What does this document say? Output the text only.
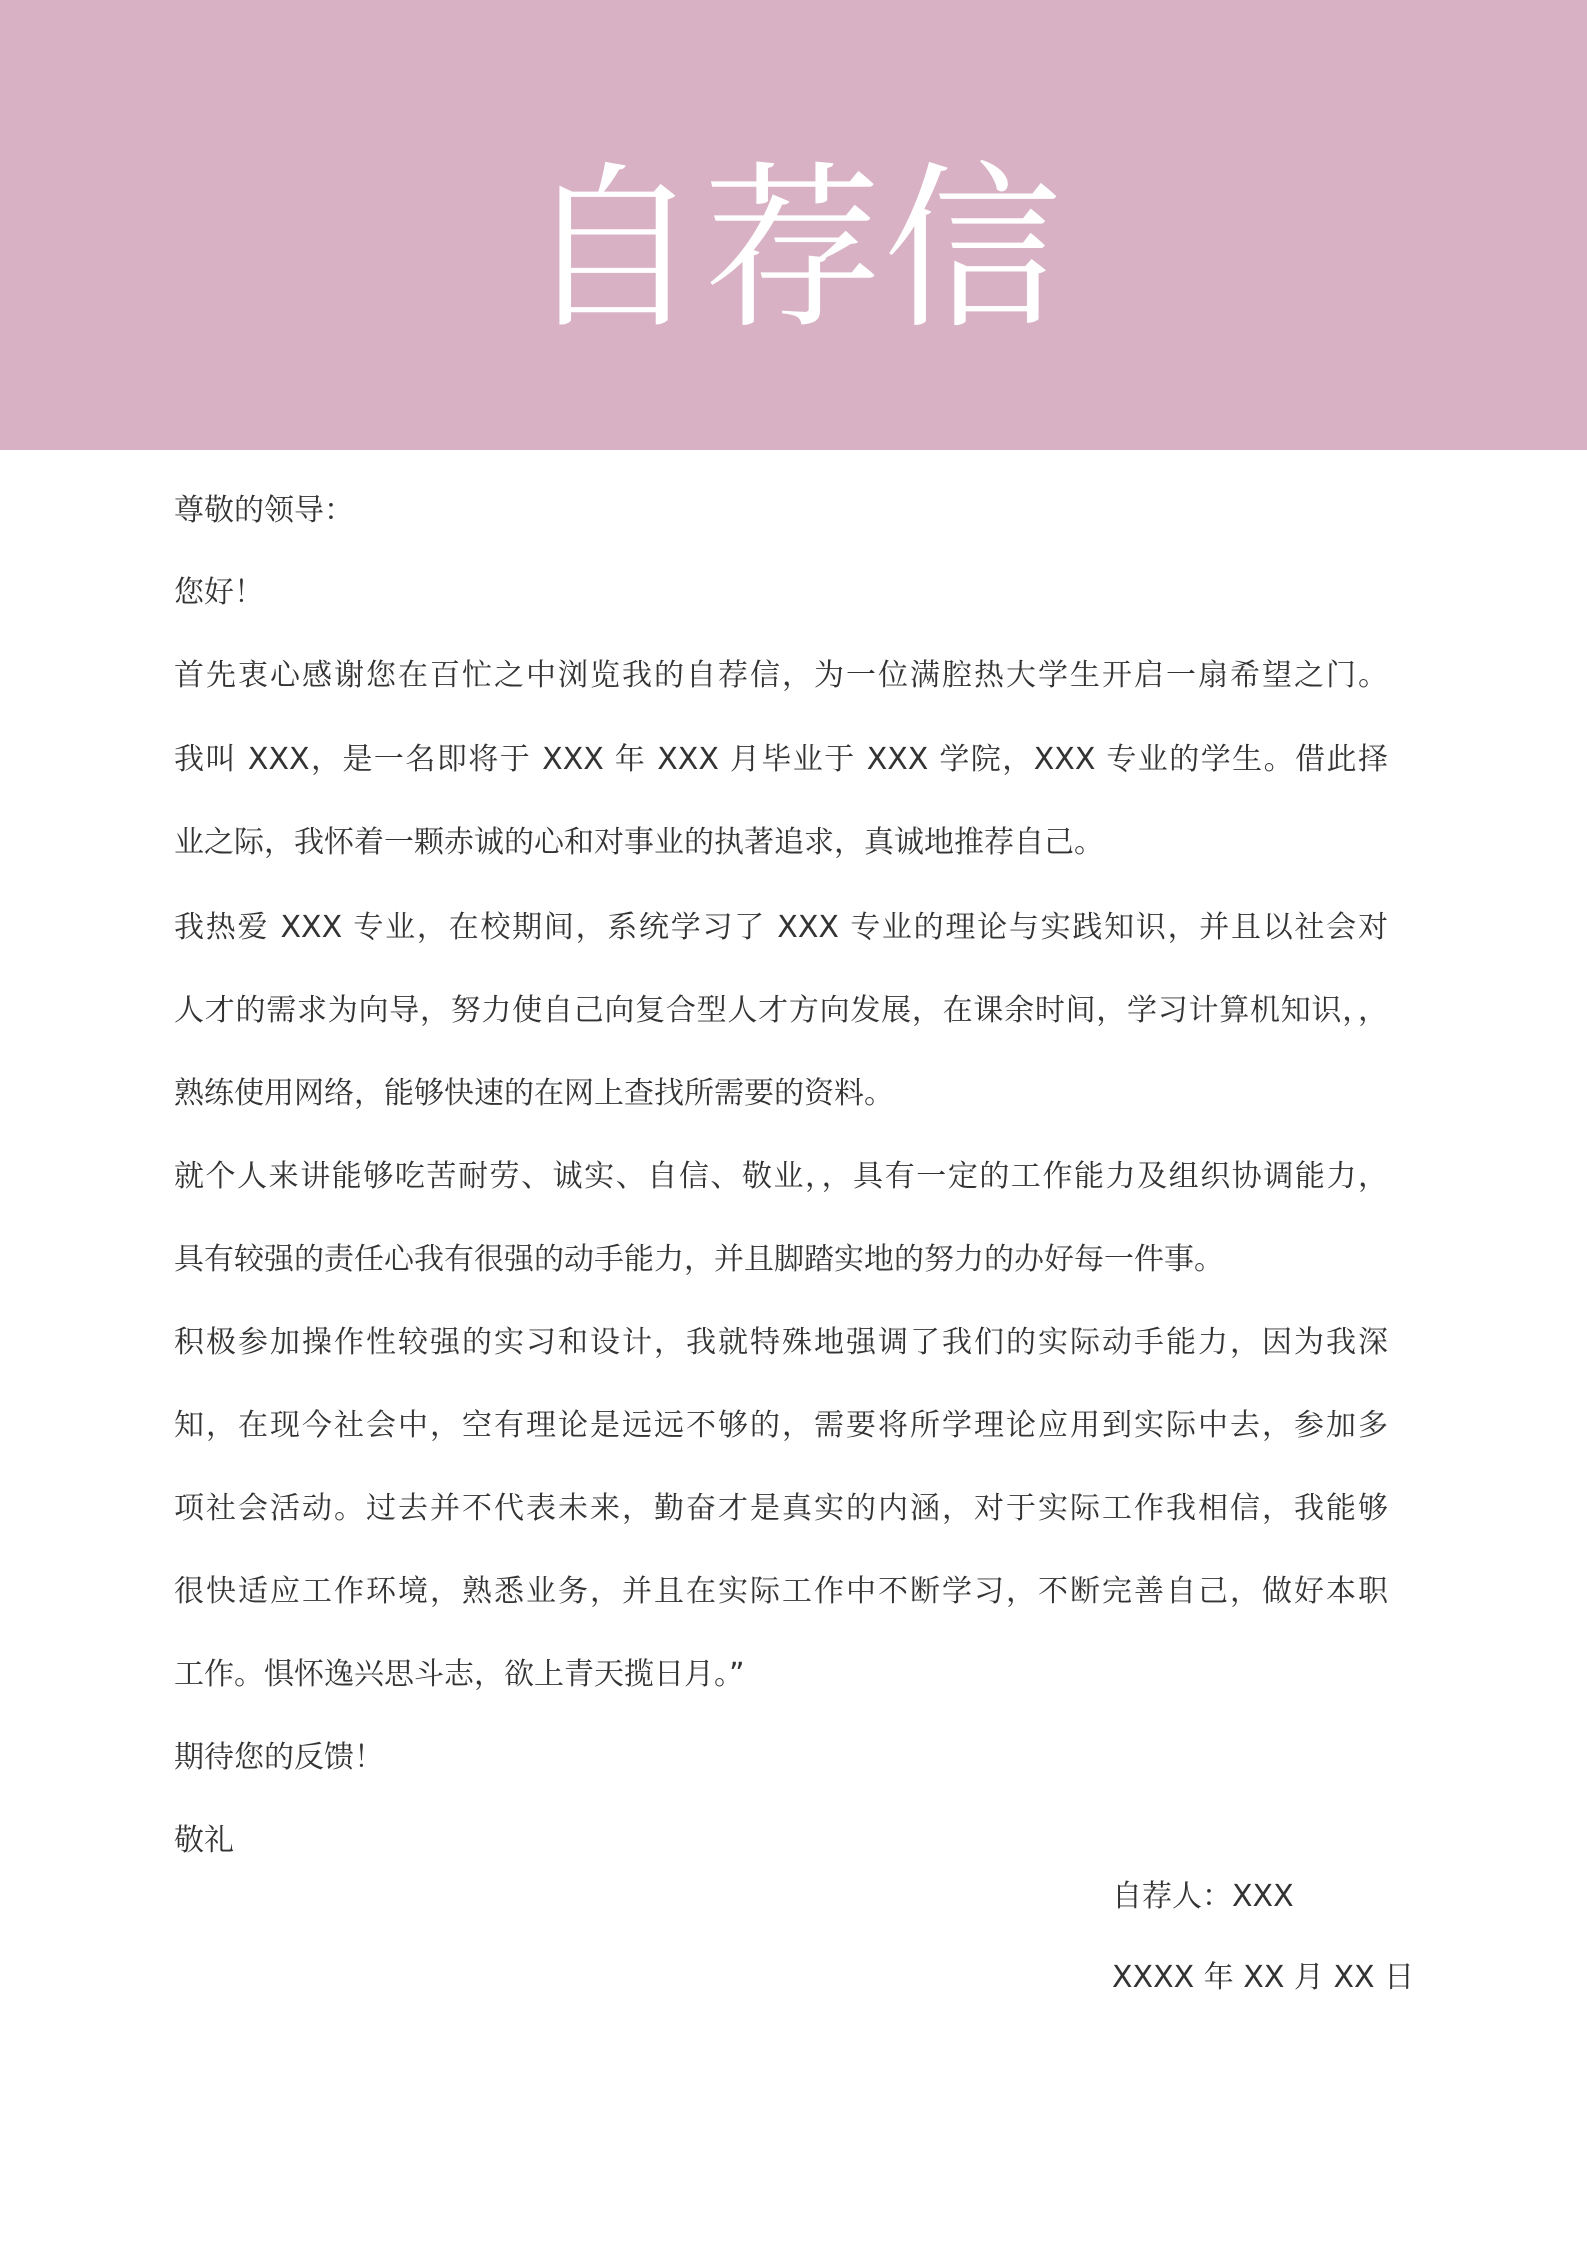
自荐信
尊敬的领导：
您好！
首先衷心感谢您在百忙之中浏览我的自荐信，为一位满腔热大学生开启一扇希望之门。
我叫 XXX，是一名即将于 XXX 年 XXX 月毕业于 XXX 学院，XXX 专业的学生。借此择
业之际，我怀着一颗赤诚的心和对事业的执著追求，真诚地推荐自己。
我热爱 XXX 专业，在校期间，系统学习了 XXX 专业的理论与实践知识，并且以社会对
人才的需求为向导，努力使自己向复合型人才方向发展，在课余时间，学习计算机知识，，
熟练使用网络，能够快速的在网上查找所需要的资料。
就个人来讲能够吃苦耐劳、诚实、自信、敬业，，具有一定的工作能力及组织协调能力，
具有较强的责任心我有很强的动手能力，并且脚踏实地的努力的办好每一件事。
积极参加操作性较强的实习和设计，我就特殊地强调了我们的实际动手能力，因为我深
知，在现今社会中，空有理论是远远不够的，需要将所学理论应用到实际中去，参加多
项社会活动。过去并不代表未来，勤奋才是真实的内涵，对于实际工作我相信，我能够
很快适应工作环境，熟悉业务，并且在实际工作中不断学习，不断完善自己，做好本职
工作。惧怀逸兴思斗志，欲上青天揽日月。”
期待您的反馈！
敬礼
自荐人：XXX
XXXX 年 XX 月 XX 日
